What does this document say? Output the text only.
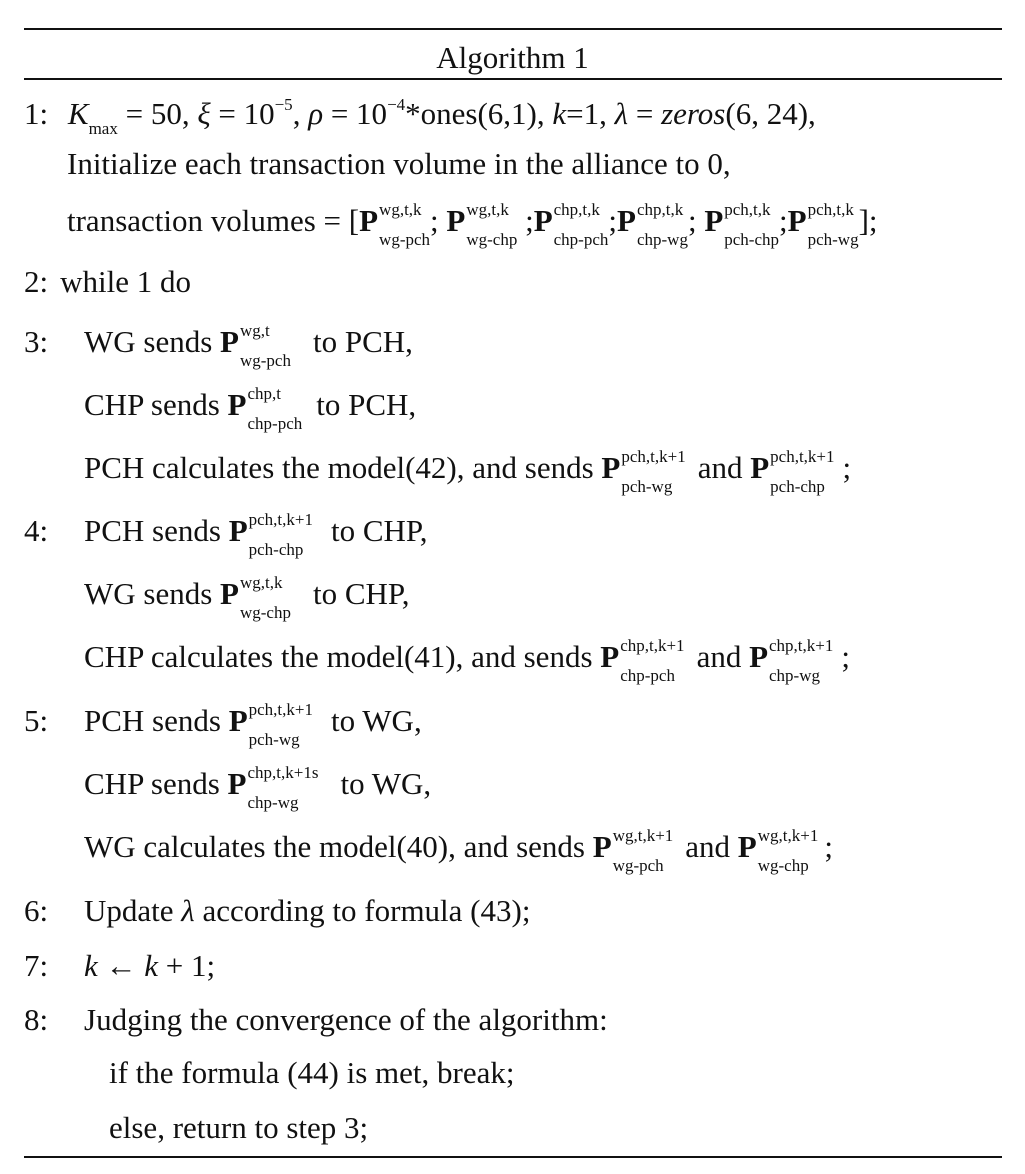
Algorithm 1
1: $K_{max} = 50$, $\xi = 10^{-5}$, $\rho = 10^{-4}*ones(6,1)$, k=1, λ = zeros(6, 24),
Initialize each transaction volume in the alliance to 0,
transaction volumes = [P wg,t,k
wg-pch
; P wg,t,k
wg-chp
;P chp,t,k
chp-pch
;P chp,t,k
chp-wg
; P pch,t,k
pch-chp
;P pch,t,k
pch-wg
];
2: while 1 do
3: WG sends P wg,t
wg-pch
to PCH,
CHP sends P chp,t
chp-pch
to PCH,
PCH calculates the model(42), and sends P pch,t,k+1
pch-wg
and P pch,t,k+1
pch-chp
;
4: PCH sends P pch,t,k+1
pch-chp
to CHP,
WG sends P wg,t,k
wg-chp
to CHP,
CHP calculates the model(41), and sends P chp,t,k+1
chp-pch
and P chp,t,k+1
chp-wg
;
5: PCH sends P pch,t,k+1
pch-wg
to WG,
CHP sends P chp,t,k+1s
chp-wg
to WG,
WG calculates the model(40), and sends P wg,t,k+1
wg-pch
and P wg,t,k+1
wg-chp
;
6: Update λ according to formula (43);
7: k ← k + 1;
8: Judging the convergence of the algorithm:
if the formula (44) is met, break;
else, return to step 3;
